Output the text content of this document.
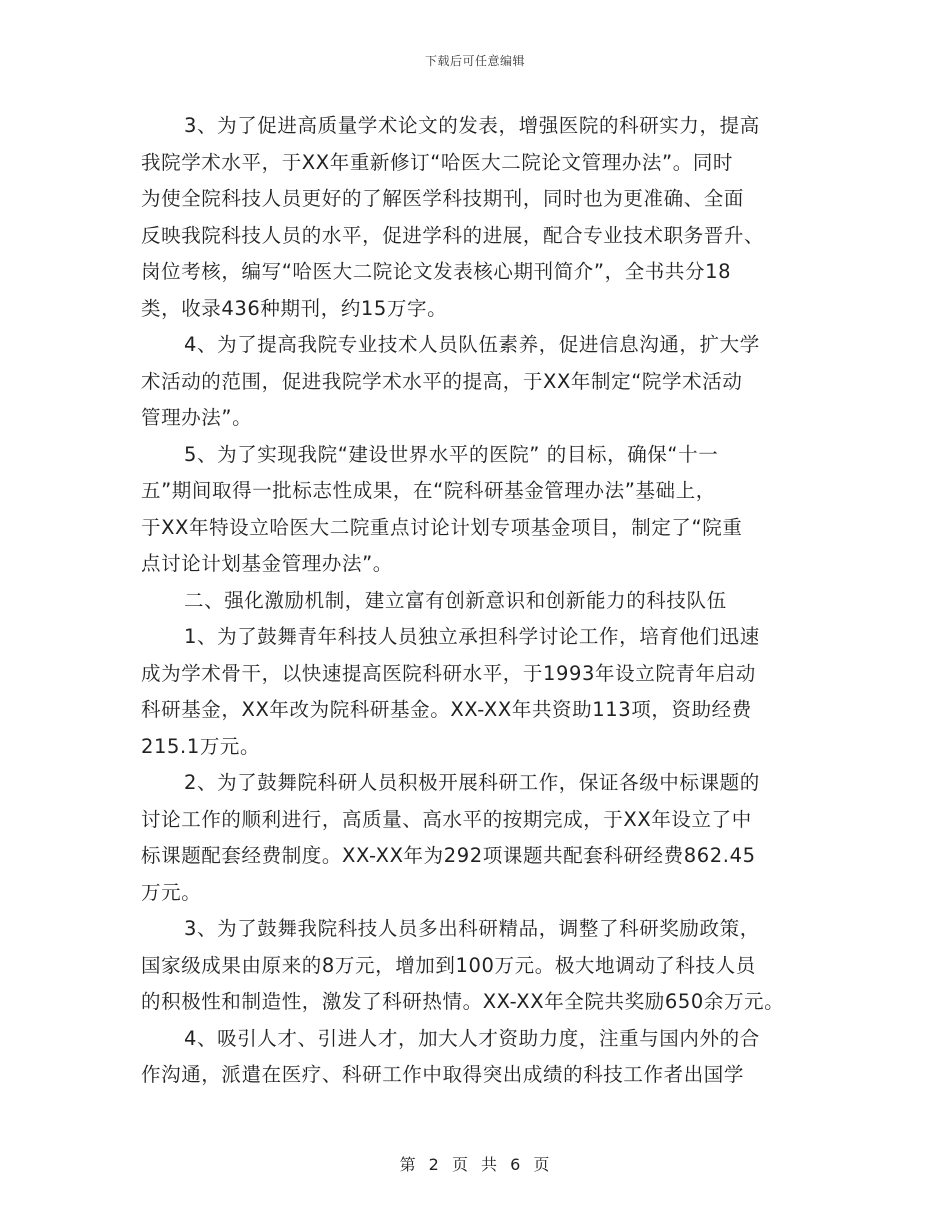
下载后可任意编辑
3、为了促进高质量学术论文的发表，增强医院的科研实力，提高
我院学术水平，于XX年重新修订“哈医大二院论文管理办法”。同时
为使全院科技人员更好的了解医学科技期刊，同时也为更准确、全面
反映我院科技人员的水平，促进学科的进展，配合专业技术职务晋升、
岗位考核，编写“哈医大二院论文发表核心期刊简介”，全书共分18
类，收录436种期刊，约15万字。
4、为了提高我院专业技术人员队伍素养，促进信息沟通，扩大学
术活动的范围，促进我院学术水平的提高，于XX年制定“院学术活动
管理办法”。
5、为了实现我院“建设世界水平的医院” 的目标，确保“十一
五”期间取得一批标志性成果，在“院科研基金管理办法”基础上，
于XX年特设立哈医大二院重点讨论计划专项基金项目，制定了“院重
点讨论计划基金管理办法”。
二、强化激励机制，建立富有创新意识和创新能力的科技队伍
1、为了鼓舞青年科技人员独立承担科学讨论工作，培育他们迅速
成为学术骨干，以快速提高医院科研水平，于1993年设立院青年启动
科研基金，XX年改为院科研基金。XX-XX年共资助113项，资助经费
215.1万元。
2、为了鼓舞院科研人员积极开展科研工作，保证各级中标课题的
讨论工作的顺利进行，高质量、高水平的按期完成，于XX年设立了中
标课题配套经费制度。XX-XX年为292项课题共配套科研经费862.45
万元。
3、为了鼓舞我院科技人员多出科研精品，调整了科研奖励政策，
国家级成果由原来的8万元，增加到100万元。极大地调动了科技人员
的积极性和制造性，激发了科研热情。XX-XX年全院共奖励650余万元。
4、吸引人才、引进人才，加大人才资助力度，注重与国内外的合
作沟通，派遣在医疗、科研工作中取得突出成绩的科技工作者出国学
第 2 页 共 6 页
